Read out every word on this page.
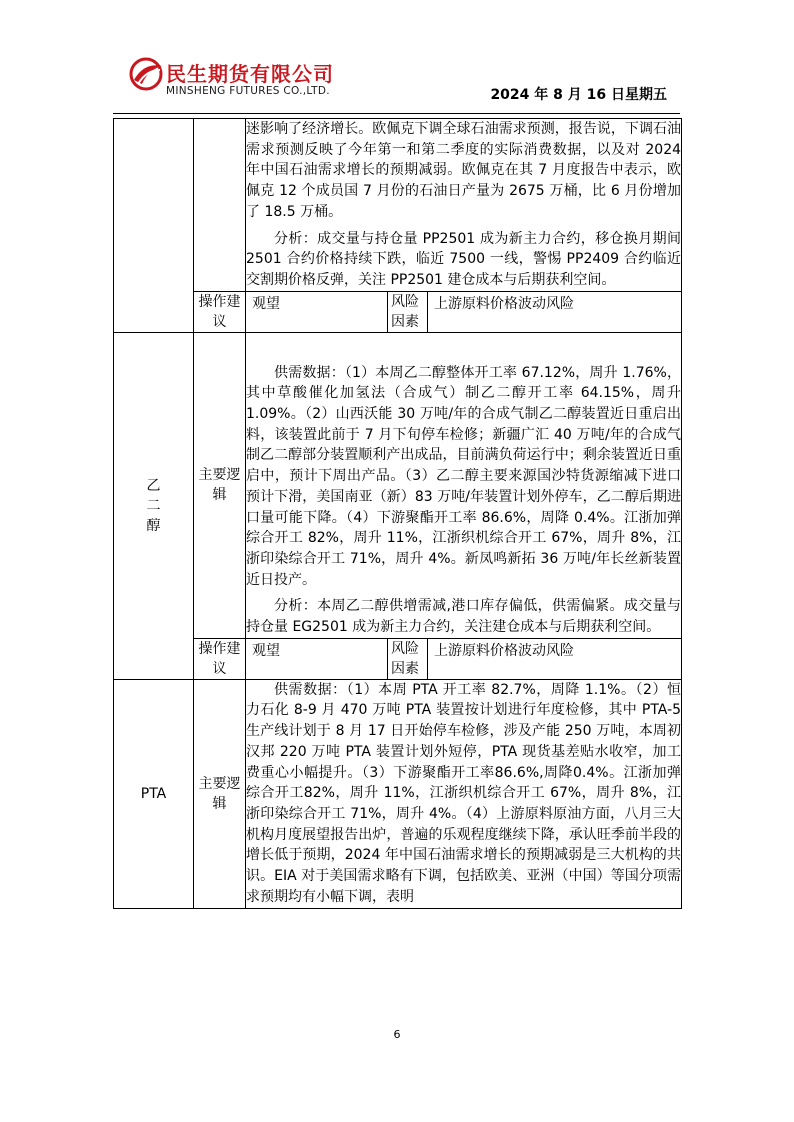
民生期货有限公司
MINSHENG FUTURES CO.,LTD.	2024 年 8 月 16 日星期五

		迷影响了经济增长。欧佩克下调全球石油需求预测，报告说，下调石油需求预测反映了今年第一和第二季度的实际消费数据，以及对 2024 年中国石油需求增长的预期减弱。欧佩克在其 7 月度报告中表示，欧佩克 12 个成员国 7 月份的石油日产量为 2675 万桶，比 6 月份增加了 18.5 万桶。

分析：成交量与持仓量 PP2501 成为新主力合约，移仓换月期间 2501 合约价格持续下跌，临近 7500 一线，警惕 PP2409 合约临近交割期价格反弹，关注 PP2501 建仓成本与后期获利空间。		

	操作建议	观望	风险因素	上游原料价格波动风险
乙二醇	主要逻辑	供需数据：（1）本周乙二醇整体开工率 67.12%，周升 1.76%，其中草酸催化加氢法（合成气）制乙二醇开工率 64.15%，周升 1.09%。（2）山西沃能 30 万吨/年的合成气制乙二醇装置近日重启出料，该装置此前于 7 月下旬停车检修；新疆广汇 40 万吨/年的合成气制乙二醇部分装置顺利产出成品，目前满负荷运行中；剩余装置近日重启中，预计下周出产品。（3）乙二醇主要来源国沙特货源缩减下进口预计下滑，美国南亚（新）83 万吨/年装置计划外停车，乙二醇后期进口量可能下降。（4）下游聚酯开工率 86.6%，周降 0.4%。江浙加弹综合开工 82%，周升 11%，江浙织机综合开工 67%，周升 8%，江浙印染综合开工 71%，周升 4%。新凤鸣新拓 36 万吨/年长丝新装置近日投产。

分析：本周乙二醇供增需减,港口库存偏低，供需偏紧。成交量与持仓量 EG2501 成为新主力合约，关注建仓成本与后期获利空间。		

	操作建议	观望	风险因素	上游原料价格波动风险
PTA	主要逻辑	供需数据：（1）本周 PTA 开工率 82.7%，周降 1.1%。（2）恒力石化 8-9 月 470 万吨 PTA 装置按计划进行年度检修，其中 PTA-5 生产线计划于 8 月 17 日开始停车检修，涉及产能 250 万吨，本周初汉邦 220 万吨 PTA 装置计划外短停，PTA 现货基差贴水收窄，加工费重心小幅提升。（3）下游聚酯开工率86.6%,周降0.4%。江浙加弹综合开工82%，周升 11%，江浙织机综合开工 67%，周升 8%，江浙印染综合开工 71%，周升 4%。（4）上游原料原油方面，八月三大机构月度展望报告出炉，普遍的乐观程度继续下降，承认旺季前半段的增长低于预期，2024 年中国石油需求增长的预期减弱是三大机构的共识。EIA 对于美国需求略有下调，包括欧美、亚洲（中国）等国分项需求预期均有小幅下调，表明		

6
